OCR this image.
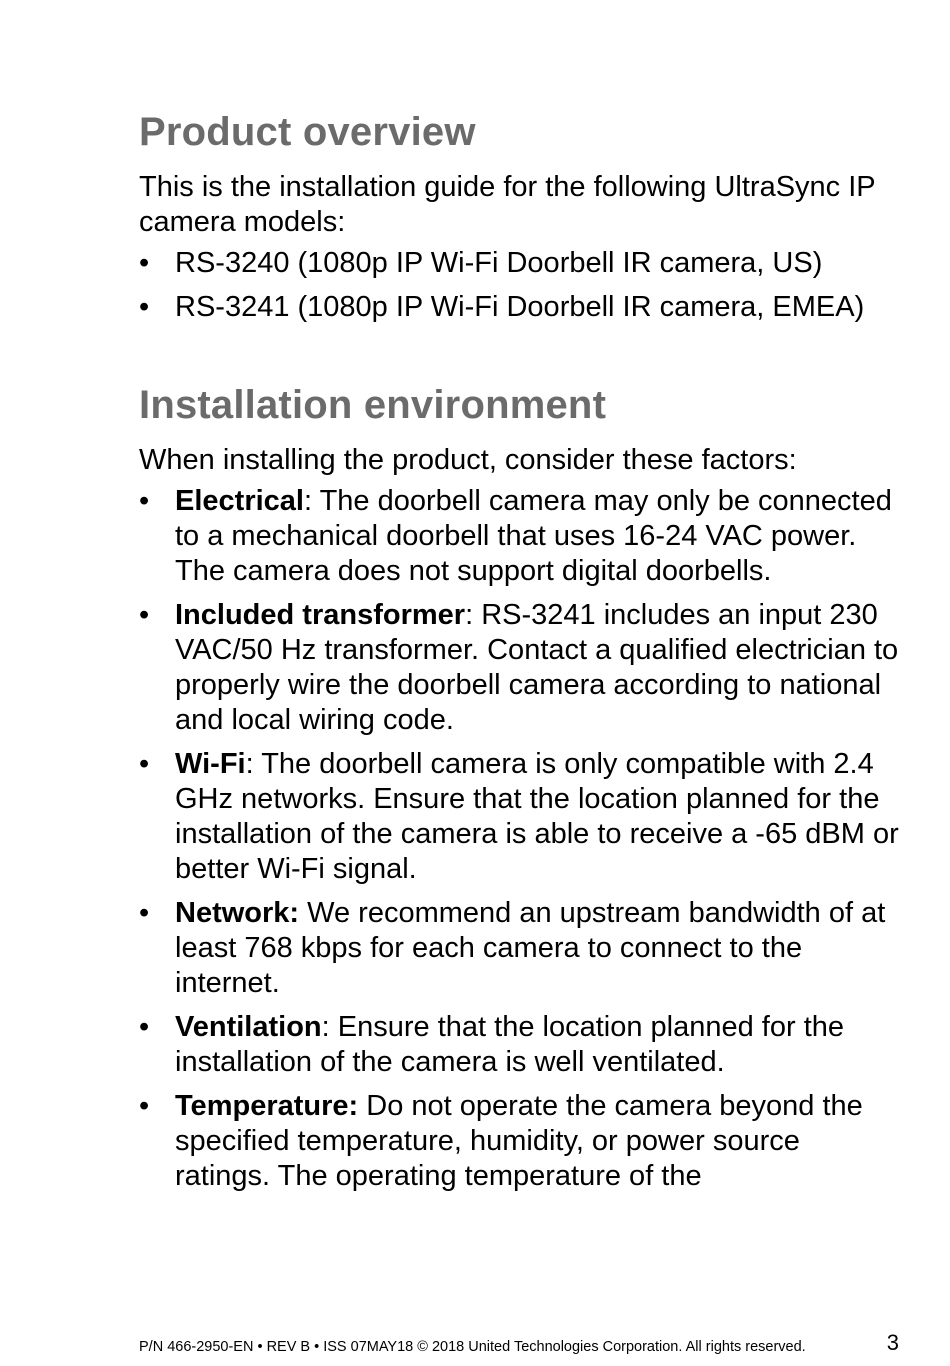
Product overview

This is the installation guide for the following UltraSync IP camera models:

• RS-3240 (1080p IP Wi-Fi Doorbell IR camera, US)
• RS-3241 (1080p IP Wi-Fi Doorbell IR camera, EMEA)
Installation environment

When installing the product, consider these factors:

• Electrical: The doorbell camera may only be connected to a mechanical doorbell that uses 16-24 VAC power. The camera does not support digital doorbells.
• Included transformer: RS-3241 includes an input 230 VAC/50 Hz transformer. Contact a qualified electrician to properly wire the doorbell camera according to national and local wiring code.
• Wi-Fi: The doorbell camera is only compatible with 2.4 GHz networks. Ensure that the location planned for the installation of the camera is able to receive a -65 dBM or better Wi-Fi signal.
• Network: We recommend an upstream bandwidth of at least 768 kbps for each camera to connect to the internet.
• Ventilation: Ensure that the location planned for the installation of the camera is well ventilated.
• Temperature: Do not operate the camera beyond the specified temperature, humidity, or power source ratings. The operating temperature of the
P/N 466-2950-EN • REV B • ISS 07MAY18 © 2018 United Technologies Corporation. All rights reserved.	3
